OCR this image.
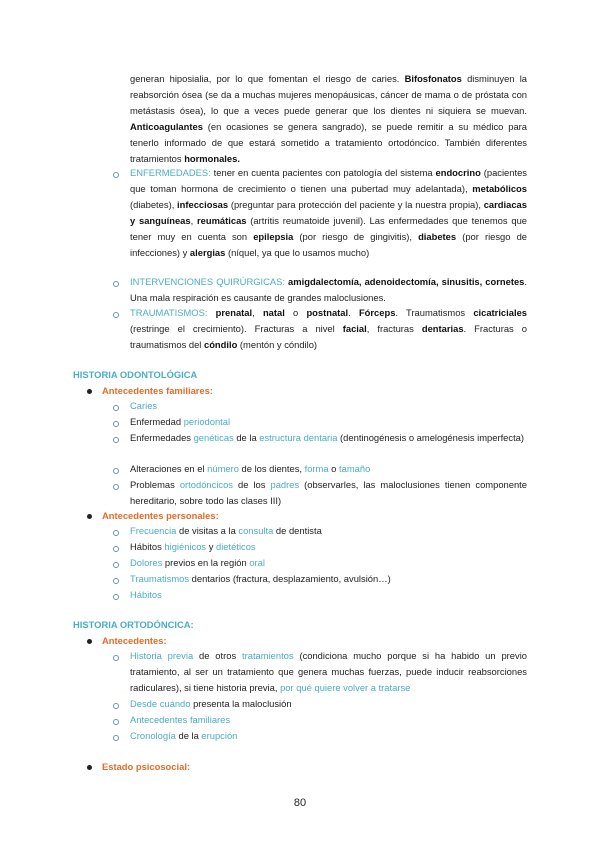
generan hiposialia, por lo que fomentan el riesgo de caries. Bifosfonatos disminuyen la reabsorción ósea (se da a muchas mujeres menopáusicas, cáncer de mama o de próstata con metástasis ósea), lo que a veces puede generar que los dientes ni siquiera se muevan. Anticoagulantes (en ocasiones se genera sangrado), se puede remitir a su médico para tenerlo informado de que estará sometido a tratamiento ortodóncico. También diferentes tratamientos hormonales.
ENFERMEDADES: tener en cuenta pacientes con patología del sistema endocrino (pacientes que toman hormona de crecimiento o tienen una pubertad muy adelantada), metabólicos (diabetes), infecciosas (preguntar para protección del paciente y la nuestra propia), cardiacas y sanguíneas, reumáticas (artritis reumatoide juvenil). Las enfermedades que tenemos que tener muy en cuenta son epilepsia (por riesgo de gingivitis), diabetes (por riesgo de infecciones) y alergias (níquel, ya que lo usamos mucho)
INTERVENCIONES QUIRÚRGICAS: amigdalectomía, adenoidectomía, sinusitis, cornetes. Una mala respiración es causante de grandes maloclusiones.
TRAUMATISMOS: prenatal, natal o postnatal. Fórceps. Traumatismos cicatriciales (restringe el crecimiento). Fracturas a nivel facial, fracturas dentarias. Fracturas o traumatismos del cóndilo (mentón y cóndilo)
HISTORIA ODONTOLÓGICA
Antecedentes familiares:
Caries
Enfermedad periodontal
Enfermedades genéticas de la estructura dentaria (dentinogénesis o amelogénesis imperfecta)
Alteraciones en el número de los dientes, forma o tamaño
Problemas ortodóncicos de los padres (observarles, las maloclusiones tienen componente hereditario, sobre todo las clases III)
Antecedentes personales:
Frecuencia de visitas a la consulta de dentista
Hábitos higiénicos y dietéticos
Dolores previos en la región oral
Traumatismos dentarios (fractura, desplazamiento, avulsión…)
Hábitos
HISTORIA ORTODÓNCICA:
Antecedentes:
Historia previa de otros tratamientos (condiciona mucho porque si ha habido un previo tratamiento, al ser un tratamiento que genera muchas fuerzas, puede inducir reabsorciones radiculares), si tiene historia previa, por qué quiere volver a tratarse
Desde cuándo presenta la maloclusión
Antecedentes familiares
Cronología de la erupción
Estado psicosocial:
80
